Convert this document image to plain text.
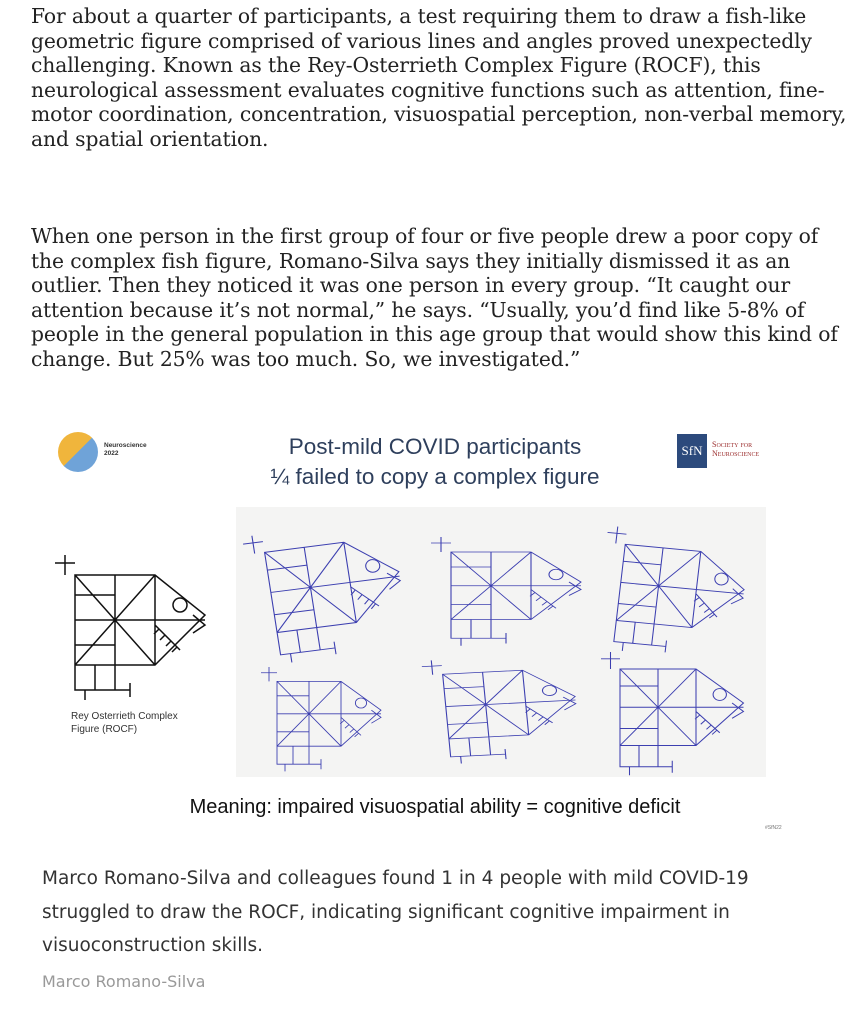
For about a quarter of participants, a test requiring them to draw a fish-like geometric figure comprised of various lines and angles proved unexpectedly challenging. Known as the Rey-Osterrieth Complex Figure (ROCF), this neurological assessment evaluates cognitive functions such as attention, fine-motor coordination, concentration, visuospatial perception, non-verbal memory, and spatial orientation.

When one person in the first group of four or five people drew a poor copy of the complex fish figure, Romano-Silva says they initially dismissed it as an outlier. Then they noticed it was one person in every group. “It caught our attention because it’s not normal,” he says. “Usually, you’d find like 5-8% of people in the general population in this age group that would show this kind of change. But 25% was too much. So, we investigated.”

Neuroscience
2022	Post-mild COVID participants
¼ failed to copy a complex figure
SfN	Society for
Neuroscience
Rey Osterrieth Complex
Figure (ROCF)
Meaning: impaired visuospatial ability = cognitive deficit
#SfN22

Marco Romano-Silva and colleagues found 1 in 4 people with mild COVID-19 struggled to draw the ROCF, indicating significant cognitive impairment in visuoconstruction skills.

Marco Romano-Silva
